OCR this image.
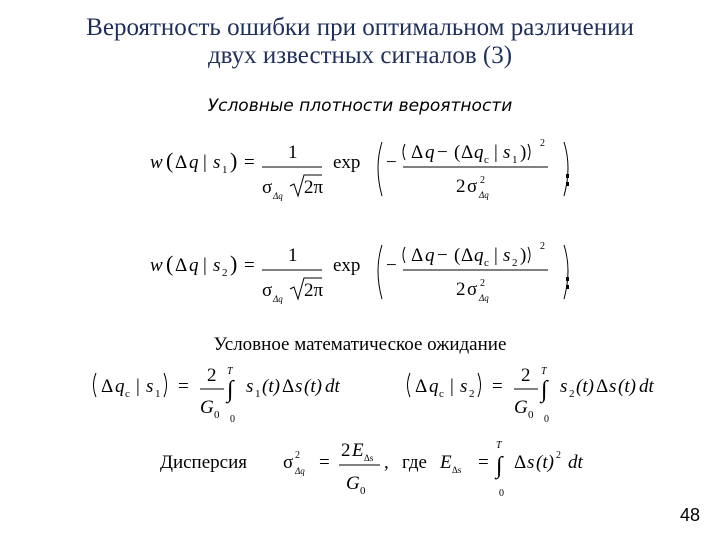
Вероятность ошибки при оптимальном различении
двух известных сигналов (3)
Условные плотности вероятности
w ( Δ q | s 1 ) = 1
σ Δq 2π
exp − Δ q − ( Δ q c | s 1 ) 2
2 σ 2
Δq
w ( Δ q | s 2 ) = 1
σ Δq 2π
exp − Δ q − ( Δ q c | s 2 ) 2
2 σ 2
Δq
Δ q c | s 1 =
2
G 0
T
∫
0
s 1 (t) Δ s (t) dt	Δ q c | s 2 =
2
G 0
T
∫
0
s 2 (t) Δ s (t) dt
Дисперсия σ 2
Δq =
2 E Δs
G 0
, где E Δs =
T
∫
0
Δ s (t) 2 dt
Условное математическое ожидание
48
